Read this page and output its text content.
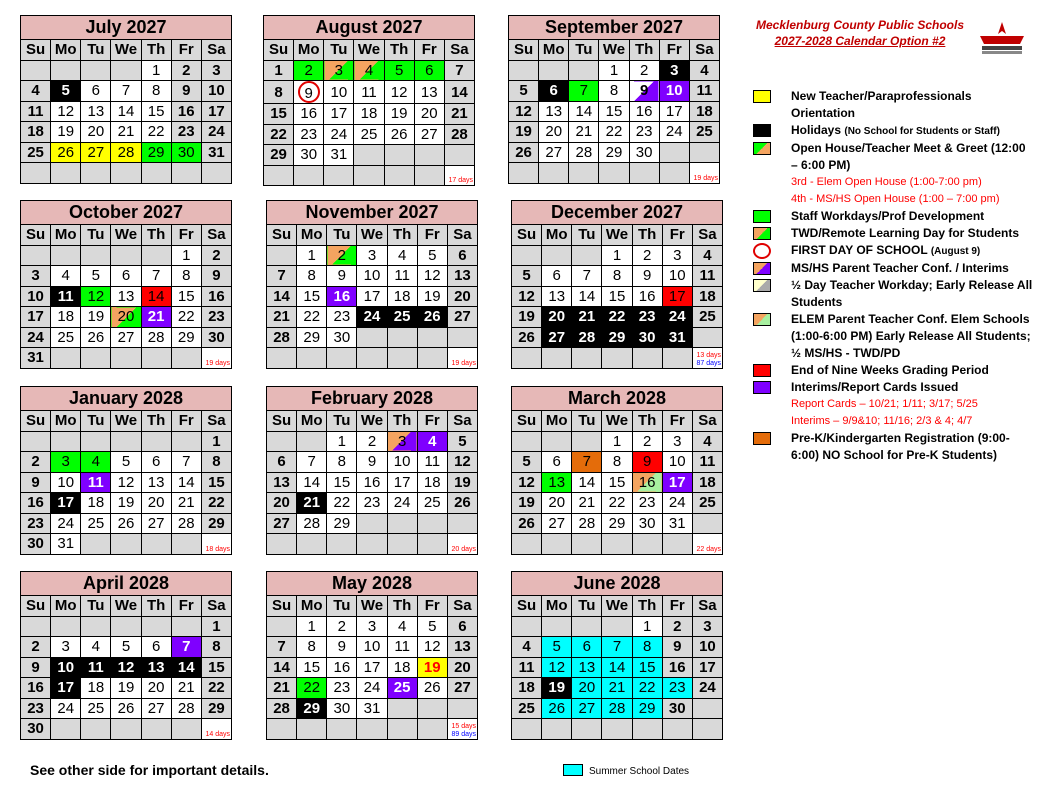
Mecklenburg County Public Schools
2027-2028 Calendar Option #2
July 2027						
Su	Mo	Tu	We	Th	Fr	Sa
				1	2	3
4	5	6	7	8	9	10
11	12	13	14	15	16	17
18	19	20	21	22	23	24
25	26	27	28	29	30	31

August 2027						
Su	Mo	Tu	We	Th	Fr	Sa
1	2	3	4	5	6	7
8	9	10	11	12	13	14
15	16	17	18	19	20	21
22	23	24	25	26	27	28
29	30	31				
						17 days
September 2027						
Su	Mo	Tu	We	Th	Fr	Sa
			1	2	3	4
5	6	7	8	9	10	11
12	13	14	15	16	17	18
19	20	21	22	23	24	25
26	27	28	29	30		
						19 days
October 2027						
Su	Mo	Tu	We	Th	Fr	Sa
					1	2
3	4	5	6	7	8	9
10	11	12	13	14	15	16
17	18	19	20	21	22	23
24	25	26	27	28	29	30
31						19 days
November 2027						
Su	Mo	Tu	We	Th	Fr	Sa
	1	2	3	4	5	6
7	8	9	10	11	12	13
14	15	16	17	18	19	20
21	22	23	24	25	26	27
28	29	30				
						19 days
December 2027						
Su	Mo	Tu	We	Th	Fr	Sa
			1	2	3	4
5	6	7	8	9	10	11
12	13	14	15	16	17	18
19	20	21	22	23	24	25
26	27	28	29	30	31	
						13 days
87 days
January 2028						
Su	Mo	Tu	We	Th	Fr	Sa
						1
2	3	4	5	6	7	8
9	10	11	12	13	14	15
16	17	18	19	20	21	22
23	24	25	26	27	28	29
30	31					18 days
February 2028						
Su	Mo	Tu	We	Th	Fr	Sa
		1	2	3	4	5
6	7	8	9	10	11	12
13	14	15	16	17	18	19
20	21	22	23	24	25	26
27	28	29				
						20 days
March 2028						
Su	Mo	Tu	We	Th	Fr	Sa
			1	2	3	4
5	6	7	8	9	10	11
12	13	14	15	16	17	18
19	20	21	22	23	24	25
26	27	28	29	30	31	
						22 days
April 2028						
Su	Mo	Tu	We	Th	Fr	Sa
						1
2	3	4	5	6	7	8
9	10	11	12	13	14	15
16	17	18	19	20	21	22
23	24	25	26	27	28	29
30						14 days
May 2028						
Su	Mo	Tu	We	Th	Fr	Sa
	1	2	3	4	5	6
7	8	9	10	11	12	13
14	15	16	17	18	19	20
21	22	23	24	25	26	27
28	29	30	31			
						15 days
89 days
June 2028						
Su	Mo	Tu	We	Th	Fr	Sa
				1	2	3
4	5	6	7	8	9	10
11	12	13	14	15	16	17
18	19	20	21	22	23	24
25	26	27	28	29	30	

New Teacher/Paraprofessionals Orientation
Holidays (No School for Students or Staff)
Open House/Teacher Meet & Greet (12:00 – 6:00 PM)
3rd - Elem Open House (1:00-7:00 pm)
4th - MS/HS Open House (1:00 – 7:00 pm)
Staff Workdays/Prof Development
TWD/Remote Learning Day for Students
FIRST DAY OF SCHOOL (August 9)
MS/HS Parent Teacher Conf. / Interims
½ Day Teacher Workday; Early Release All Students
ELEM Parent Teacher Conf. Elem Schools (1:00-6:00 PM) Early Release All Students; ½ MS/HS - TWD/PD
End of Nine Weeks Grading Period
Interims/Report Cards Issued
Report Cards – 10/21; 1/11; 3/17; 5/25
Interims – 9/9&10; 11/16; 2/3 & 4; 4/7
Pre-K/Kindergarten Registration (9:00-6:00) NO School for Pre-K Students)
See other side for important details.	Summer School Dates
